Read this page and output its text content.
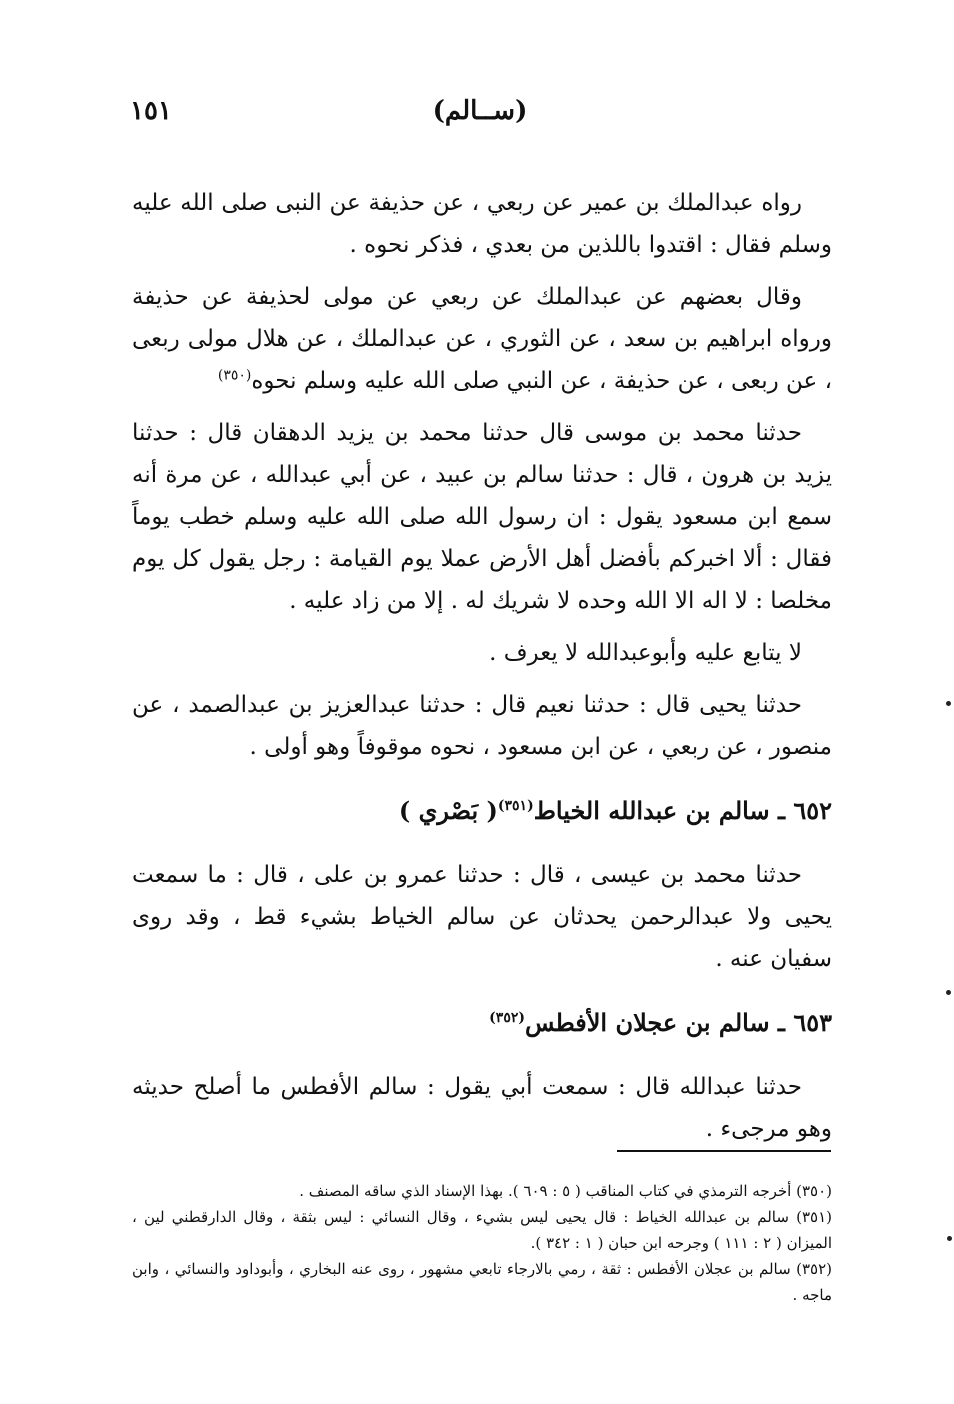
١٥١	(ســالم)

رواه عبدالملك بن عمير عن ربعي ، عن حذيفة عن النبى صلى الله عليه وسلم فقال : اقتدوا باللذين من بعدي ، فذكر نحوه .

وقال بعضهم عن عبدالملك عن ربعي عن مولى لحذيفة عن حذيفة ورواه ابراهيم بن سعد ، عن الثوري ، عن عبدالملك ، عن هلال مولى ربعى ، عن ربعى ، عن حذيفة ، عن النبي صلى الله عليه وسلم نحوه$^{(٣٥٠)}$

حدثنا محمد بن موسى قال حدثنا محمد بن يزيد الدهقان قال : حدثنا يزيد بن هرون ، قال : حدثنا سالم بن عبيد ، عن أبي عبدالله ، عن مرة أنه سمع ابن مسعود يقول : ان رسول الله صلى الله عليه وسلم خطب يوماً فقال : ألا اخبركم بأفضل أهل الأرض عملا يوم القيامة : رجل يقول كل يوم مخلصا : لا اله الا الله وحده لا شريك له . إلا من زاد عليه .

لا يتابع عليه وأبوعبدالله لا يعرف .

حدثنا يحيى قال : حدثنا نعيم قال : حدثنا عبدالعزيز بن عبدالصمد ، عن منصور ، عن ربعي ، عن ابن مسعود ، نحوه موقوفاً وهو أولى .

٦٥٢ ـ سالم بن عبدالله الخياط$^{(٣٥١)}$( بَصْري )

حدثنا محمد بن عيسى ، قال : حدثنا عمرو بن على ، قال : ما سمعت يحيى ولا عبدالرحمن يحدثان عن سالم الخياط بشيء قط ، وقد روى سفيان عنه .

٦٥٣ ـ سالم بن عجلان الأفطس$^{(٣٥٢)}$

حدثنا عبدالله قال : سمعت أبي يقول : سالم الأفطس ما أصلح حديثه وهو مرجىء .

(٣٥٠) أخرجه الترمذي في كتاب المناقب ( ٥ : ٦٠٩ ). بهذا الإسناد الذي ساقه المصنف .

(٣٥١) سالم بن عبدالله الخياط : قال يحيى ليس بشيء ، وقال النسائي : ليس بثقة ، وقال الدارقطني لين ، الميزان ( ٢ : ١١١ ) وجرحه ابن حبان ( ١ : ٣٤٢ ).

(٣٥٢) سالم بن عجلان الأفطس : ثقة ، رمي بالارجاء تابعي مشهور ، روى عنه البخاري ، وأبوداود والنسائي ، وابن ماجه .
